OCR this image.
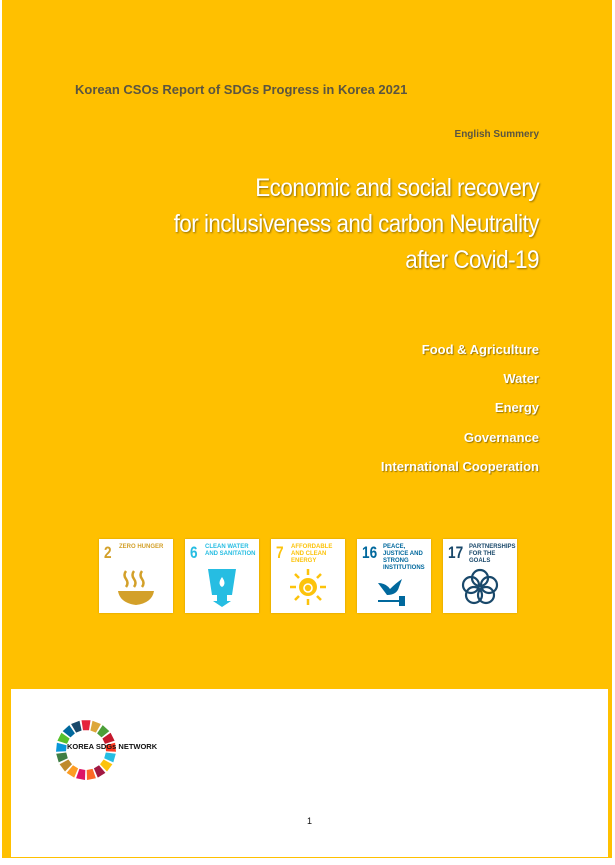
Korean CSOs Report of SDGs Progress in Korea 2021
English Summery
Economic and social recovery
for inclusiveness and carbon Neutrality
after Covid-19
Food & Agriculture
Water
Energy
Governance
International Cooperation
2 ZERO HUNGER	6 CLEAN WATER AND SANITATION 7 AFFORDABLE AND CLEAN ENERGY	16 PEACE, JUSTICE AND STRONG INSTITUTIONS
17 PARTNERSHIPS FOR THE GOALS
KOREA SDGs NETWORK
1
